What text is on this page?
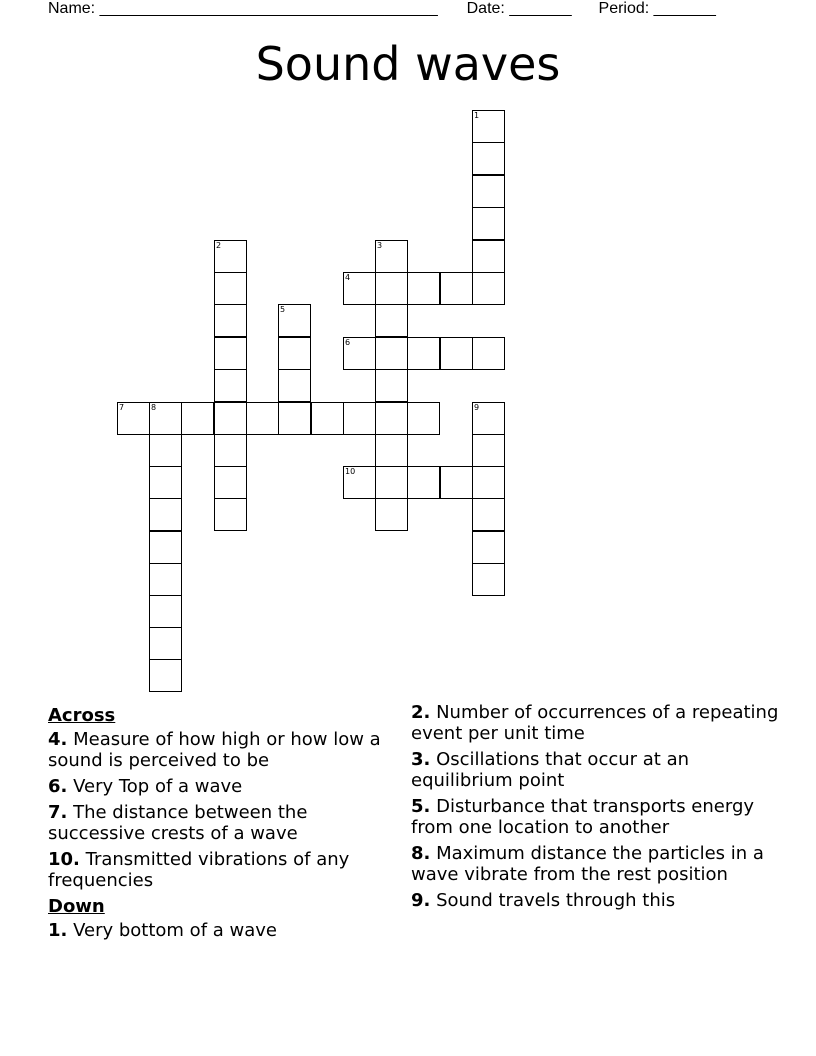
Name: ______________________________________ Date: _______ Period: _______
Sound waves
1
2	3
4
5
6
7	8	9
10
Across
4. Measure of how high or how low a sound is perceived to be
6. Very Top of a wave
7. The distance between the successive crests of a wave
10. Transmitted vibrations of any frequencies
Down
1. Very bottom of a wave
2. Number of occurrences of a repeating event per unit time
3. Oscillations that occur at an equilibrium point
5. Disturbance that transports energy from one location to another
8. Maximum distance the particles in a wave vibrate from the rest position
9. Sound travels through this
